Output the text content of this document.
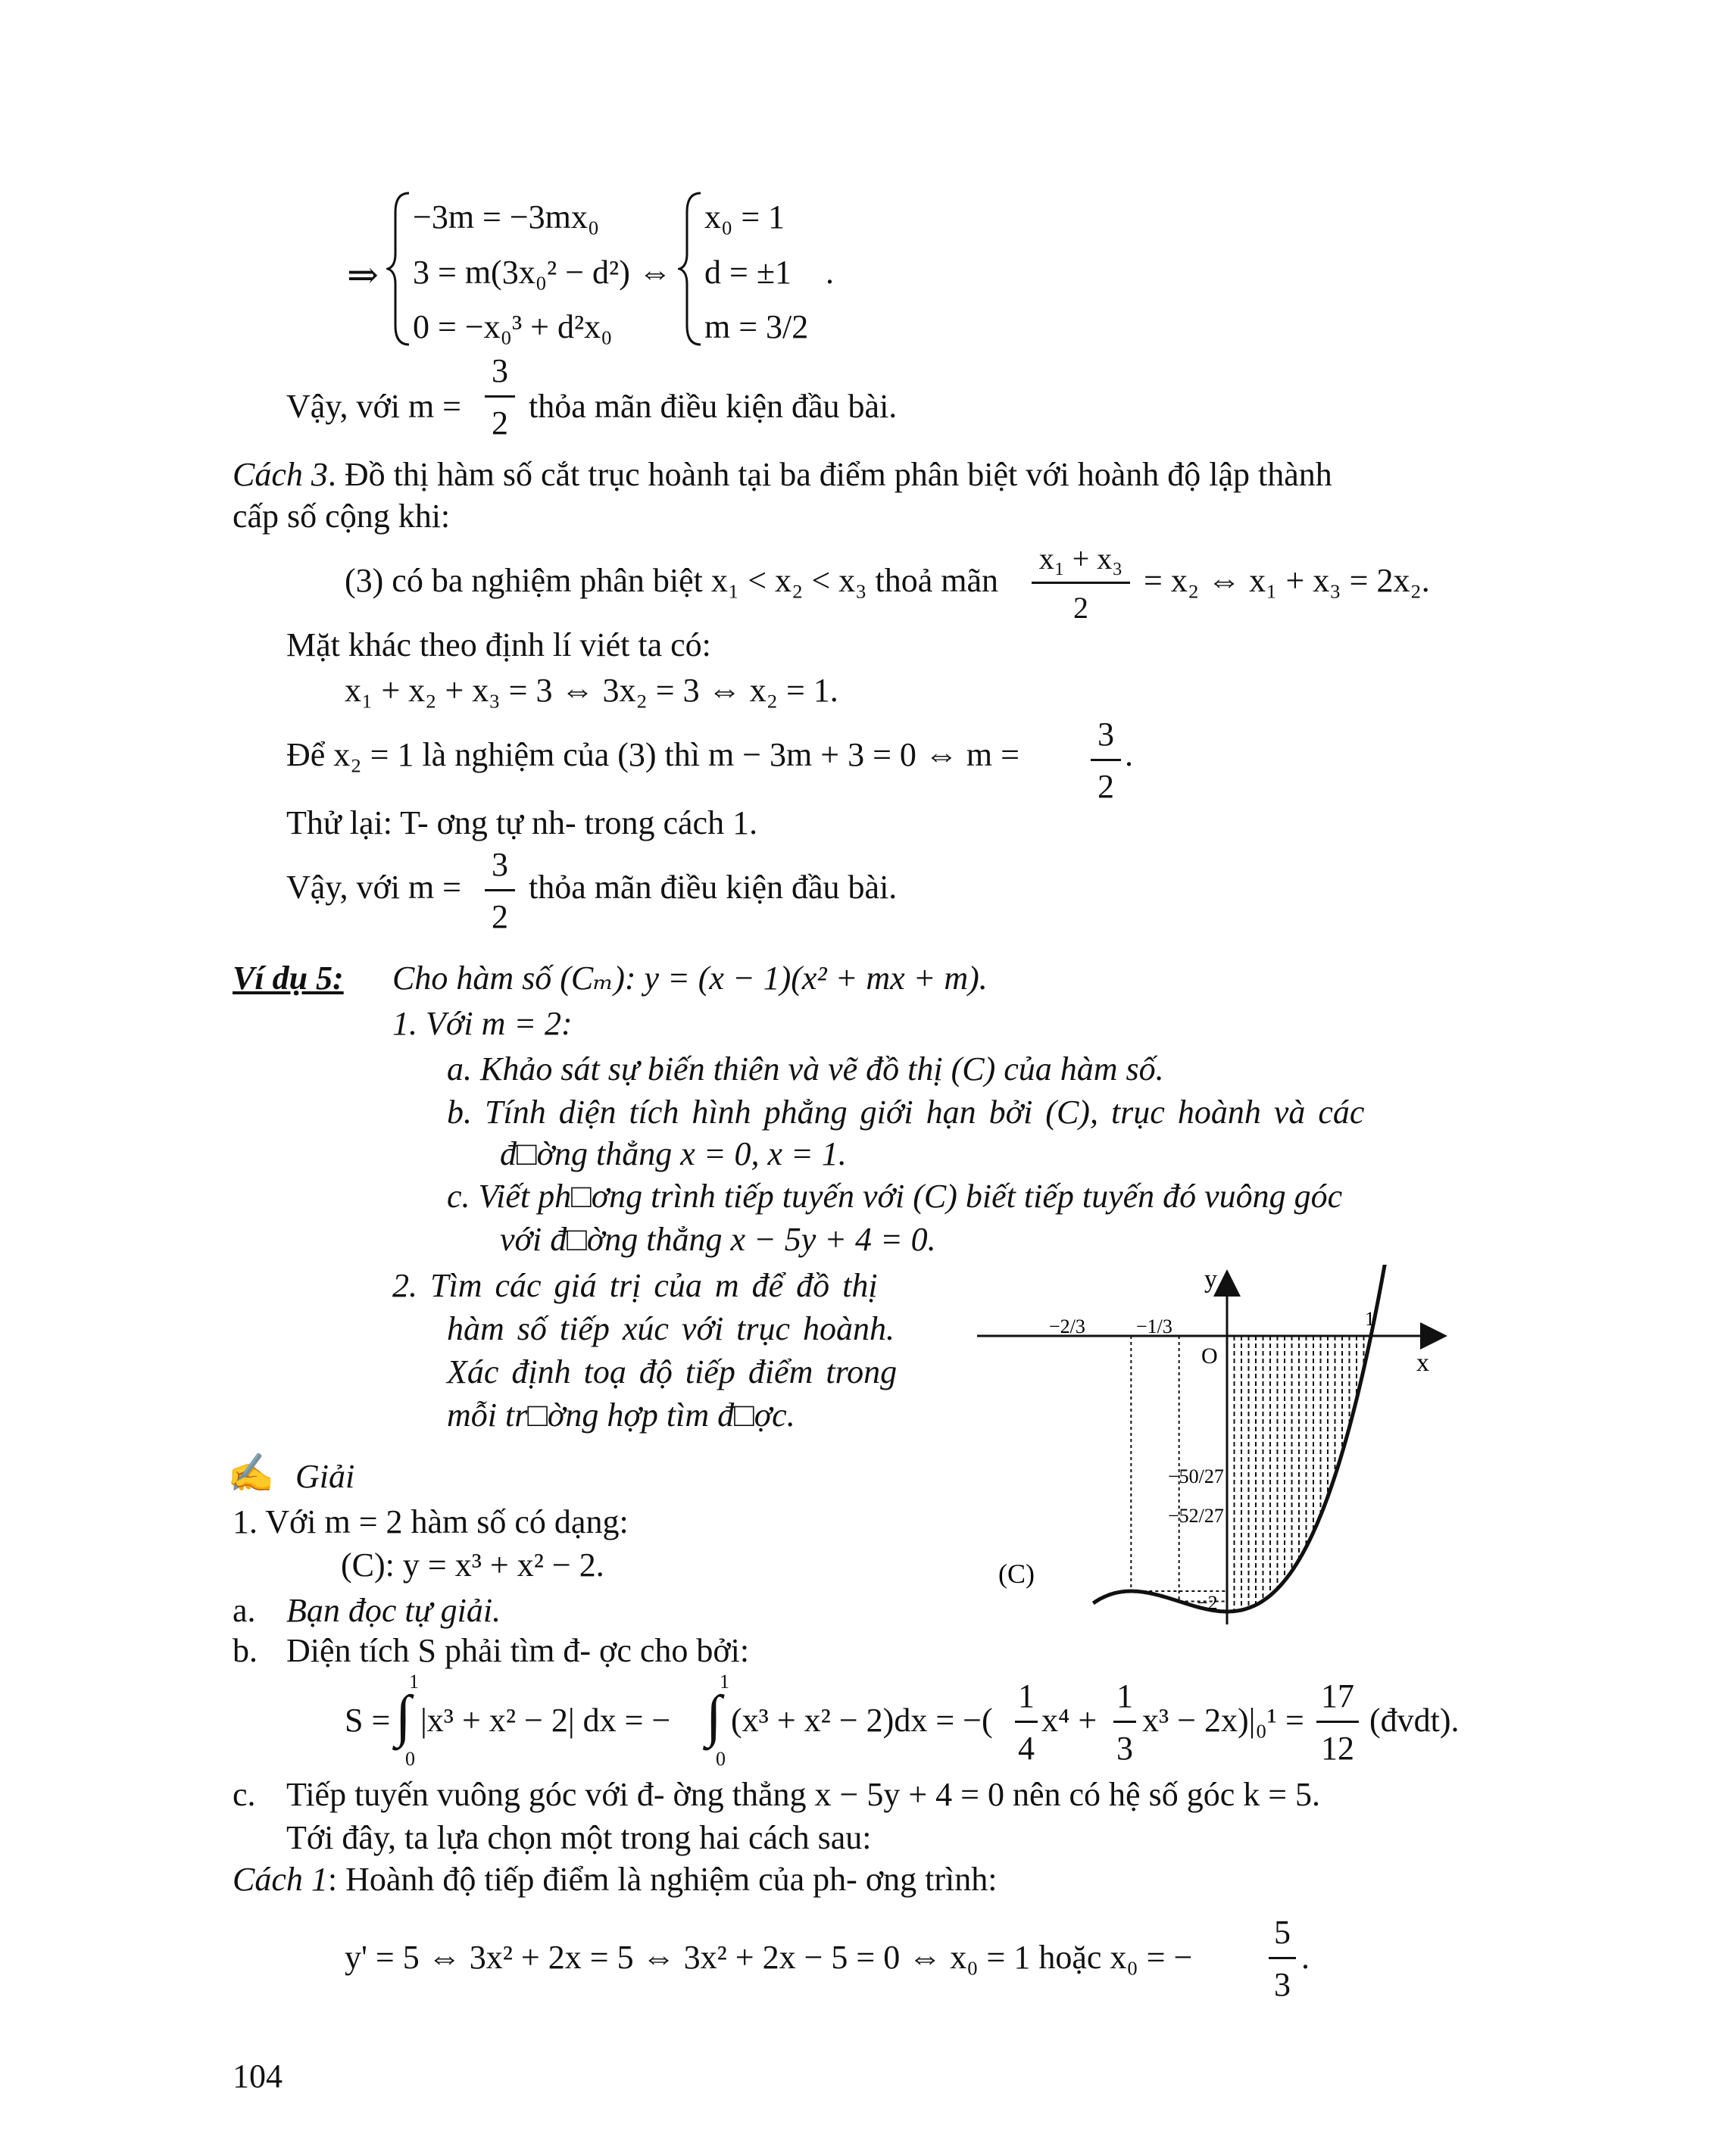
⇒
−3m = −3mx₀
3 = m(3x₀² − d²) ⇔
0 = −x₀³ + d²x₀
x₀ = 1
d = ±1
m = 3/2
.
Vậy, với m =
3
2 thỏa mãn điều kiện đầu bài.
Cách 3. Đồ thị hàm số cắt trục hoành tại ba điểm phân biệt với hoành độ lập thành
cấp số cộng khi:
(3) có ba nghiệm phân biệt x₁ < x₂ < x₃ thoả mãn
x₁ + x₃
2
= x₂ ⇔ x₁ + x₃ = 2x₂.
Mặt khác theo định lí viét ta có:
x₁ + x₂ + x₃ = 3 ⇔ 3x₂ = 3 ⇔ x₂ = 1.
Để x₂ = 1 là nghiệm của (3) thì m − 3m + 3 = 0 ⇔ m =
3
2
.
Thử lại: T- ơng tự nh- trong cách 1.
Vậy, với m =
3
2
thỏa mãn điều kiện đầu bài.
Ví dụ 5: Cho hàm số (Cₘ): y = (x − 1)(x² + mx + m).
1. Với m = 2:
a. Khảo sát sự biến thiên và vẽ đồ thị (C) của hàm số.
b. Tính diện tích hình phẳng giới hạn bởi (C), trục hoành và các
đ□ờng thẳng x = 0, x = 1.
c. Viết ph□ơng trình tiếp tuyến với (C) biết tiếp tuyến đó vuông góc
với đ□ờng thẳng x − 5y + 4 = 0.
2. Tìm các giá trị của m để đồ thị
hàm số tiếp xúc với trục hoành.
Xác định toạ độ tiếp điểm trong
mỗi tr□ờng hợp tìm đ□ợc.
y
x
O
(C)
−2/3	−1/3	1
−50/27
−52/27
−2
✍ Giải
1. Với m = 2 hàm số có dạng:
(C): y = x³ + x² − 2.
a. Bạn đọc tự giải.
b. Diện tích S phải tìm đ- ợc cho bởi:
S = ∫
1
0
|x³ + x² − 2| dx = − ∫
1
0
(x³ + x² − 2)dx = −(
1
4
x⁴ +
1
3
x³ − 2x)|₀¹ =
17
12
(đvdt).
c. Tiếp tuyến vuông góc với đ- ờng thẳng x − 5y + 4 = 0 nên có hệ số góc k = 5.
Tới đây, ta lựa chọn một trong hai cách sau:
Cách 1: Hoành độ tiếp điểm là nghiệm của ph- ơng trình:
y' = 5 ⇔ 3x² + 2x = 5 ⇔ 3x² + 2x − 5 = 0 ⇔ x₀ = 1 hoặc x₀ = −
5
3
.
104
